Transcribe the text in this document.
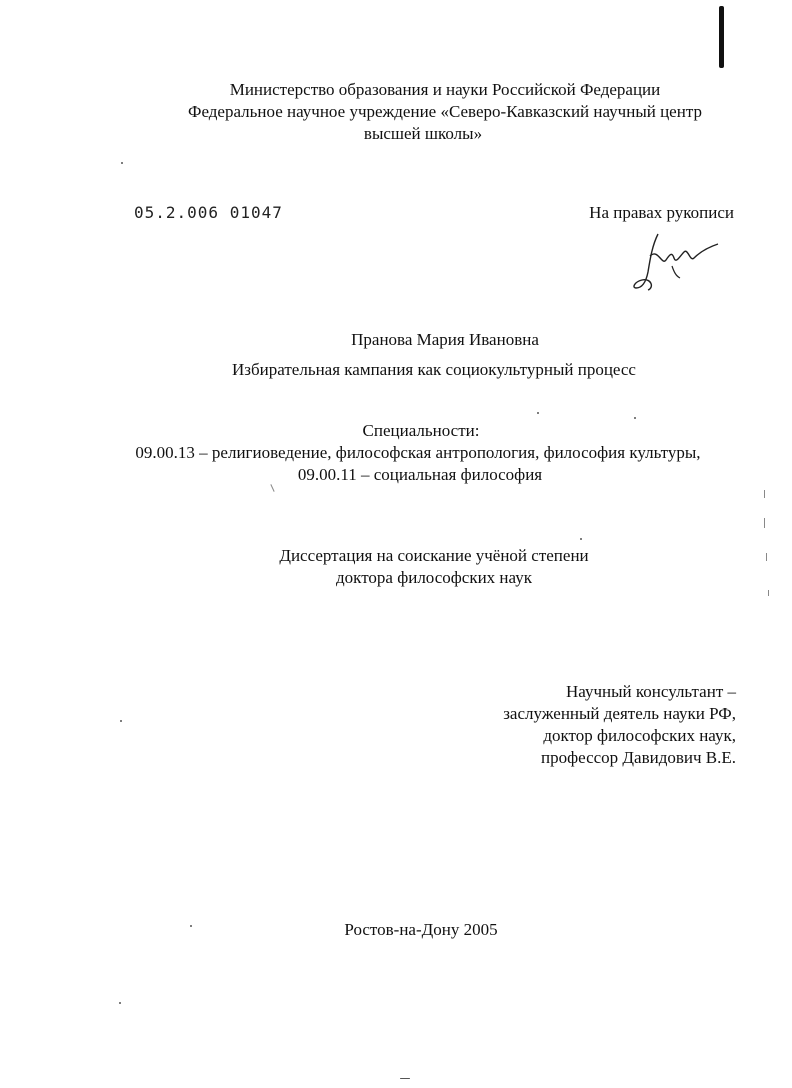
Министерство образования и науки Российской Федерации
Федеральное научное учреждение «Северо-Кавказский научный центр
высшей школы»
05.2.006 01047	На правах рукописи
Пранова Мария Ивановна
Избирательная кампания как социокультурный процесс
Специальности:
09.00.13 – религиоведение, философская антропология, философия культуры,
09.00.11 – социальная философия
Диссертация на соискание учёной степени
доктора философских наук
Научный консультант –
заслуженный деятель науки РФ,
доктор философских наук,
профессор Давидович В.Е.
Ростов-на-Дону 2005
